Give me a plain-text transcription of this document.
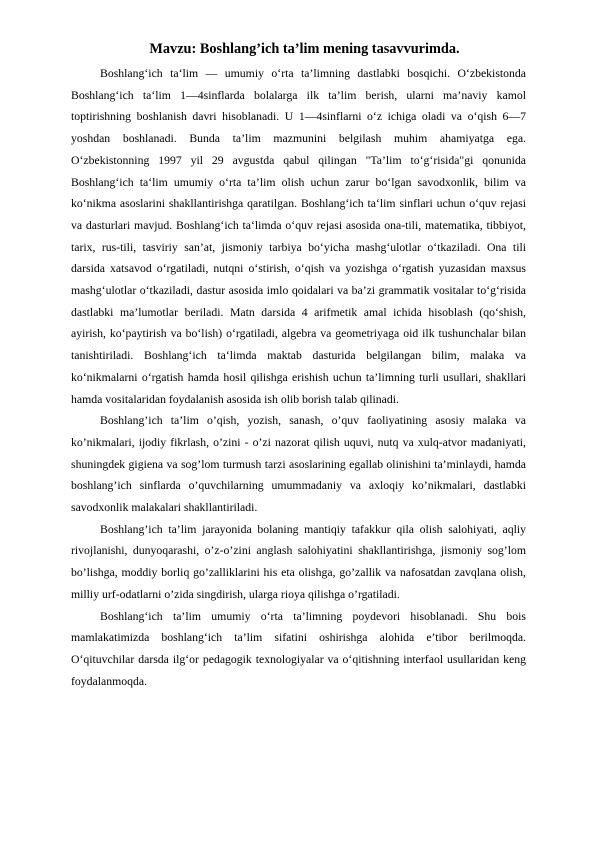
Mavzu: Boshlang’ich ta’lim mening tasavvurimda.

Boshlang‘ich ta‘lim — umumiy o‘rta ta’limning dastlabki bosqichi. O‘zbekistonda Boshlang‘ich ta‘lim 1—4sinflarda bolalarga ilk ta’lim berish, ularni ma’naviy kamol toptirishning boshlanish davri hisoblanadi. U 1—4sinflarni o‘z ichiga oladi va o‘qish 6—7 yoshdan boshlanadi. Bunda ta’lim mazmunini belgilash muhim ahamiyatga ega. O‘zbekistonning 1997 yil 29 avgustda qabul qilingan "Ta’lim to‘g‘risida"gi qonunida Boshlang‘ich ta‘lim umumiy o‘rta ta’lim olish uchun zarur bo‘lgan savodxonlik, bilim va ko‘nikma asoslarini shakllantirishga qaratilgan. Boshlang‘ich ta‘lim sinflari uchun o‘quv rejasi va dasturlari mavjud. Boshlang‘ich ta‘limda o‘quv rejasi asosida ona-tili, matematika, tibbiyot, tarix, rus-tili, tasviriy san’at, jismoniy tarbiya bo‘yicha mashg‘ulotlar o‘tkaziladi. Ona tili darsida xatsavod o‘rgatiladi, nutqni o‘stirish, o‘qish va yozishga o‘rgatish yuzasidan maxsus mashg‘ulotlar o‘tkaziladi, dastur asosida imlo qoidalari va ba’zi grammatik vositalar to‘g‘risida dastlabki ma’lumotlar beriladi. Matn darsida 4 arifmetik amal ichida hisoblash (qo‘shish, ayirish, ko‘paytirish va bo‘lish) o‘rgatiladi, algebra va geometriyaga oid ilk tushunchalar bilan tanishtiriladi. Boshlang‘ich ta‘limda maktab dasturida belgilangan bilim, malaka va ko‘nikmalarni o‘rgatish hamda hosil qilishga erishish uchun ta’limning turli usullari, shakllari hamda vositalaridan foydalanish asosida ish olib borish talab qilinadi.

Boshlang’ich ta’lim o’qish, yozish, sanash, o’quv faoliyatining asosiy malaka va ko’nikmalari, ijodiy fikrlash, o’zini - o’zi nazorat qilish uquvi, nutq va xulq-atvor madaniyati, shuningdek gigiena va sog’lom turmush tarzi asoslarining egallab olinishini ta’minlaydi, hamda boshlang’ich sinflarda o’quvchilarning umummadaniy va axloqiy ko’nikmalari, dastlabki savodxonlik malakalari shakllantiriladi.

Boshlang’ich ta’lim jarayonida bolaning mantiqiy tafakkur qila olish salohiyati, aqliy rivojlanishi, dunyoqarashi, o’z-o’zini anglash salohiyatini shakllantirishga, jismoniy sog’lom bo’lishga, moddiy borliq go’zalliklarini his eta olishga, go’zallik va nafosatdan zavqlana olish, milliy urf-odatlarni o’zida singdirish, ularga rioya qilishga o’rgatiladi.

Boshlang‘ich ta’lim umumiy o‘rta ta’limning poydevori hisoblanadi. Shu bois mamlakatimizda boshlang‘ich ta’lim sifatini oshirishga alohida e’tibor berilmoqda. O‘qituvchilar darsda ilg‘or pedagogik texnologiyalar va o‘qitishning interfaol usullaridan keng foydalanmoqda.
